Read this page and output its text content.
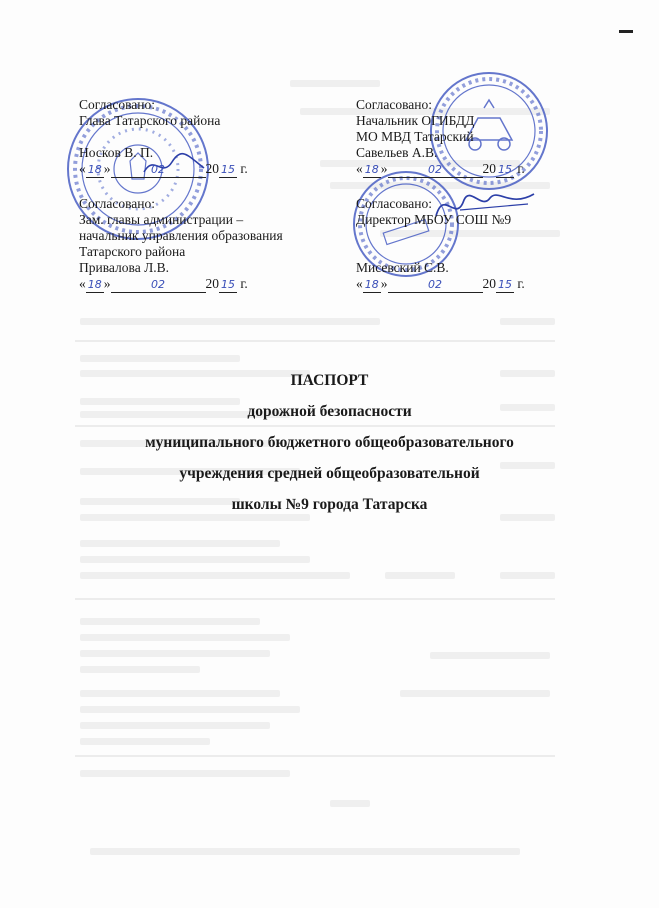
Согласовано:
Глава Татарского района
Носков В. П.
« 18 »	02	20 15 г.
Согласовано:
Начальник ОГИБДД
МО МВД Татарский
Савельев А.В.
« 18 »	02	20 15 г.
Согласовано:
Зам. главы администрации –
начальник управления образования
Татарского района
Привалова Л.В.
« 18 »	02	20 15 г.
Согласовано:
Директор МБОУ СОШ №9
Мисевский С.В.
« 18 »	02	20 15 г.
ПАСПОРТ
дорожной безопасности
муниципального бюджетного общеобразовательного
учреждения средней общеобразовательной
школы №9 города Татарска
